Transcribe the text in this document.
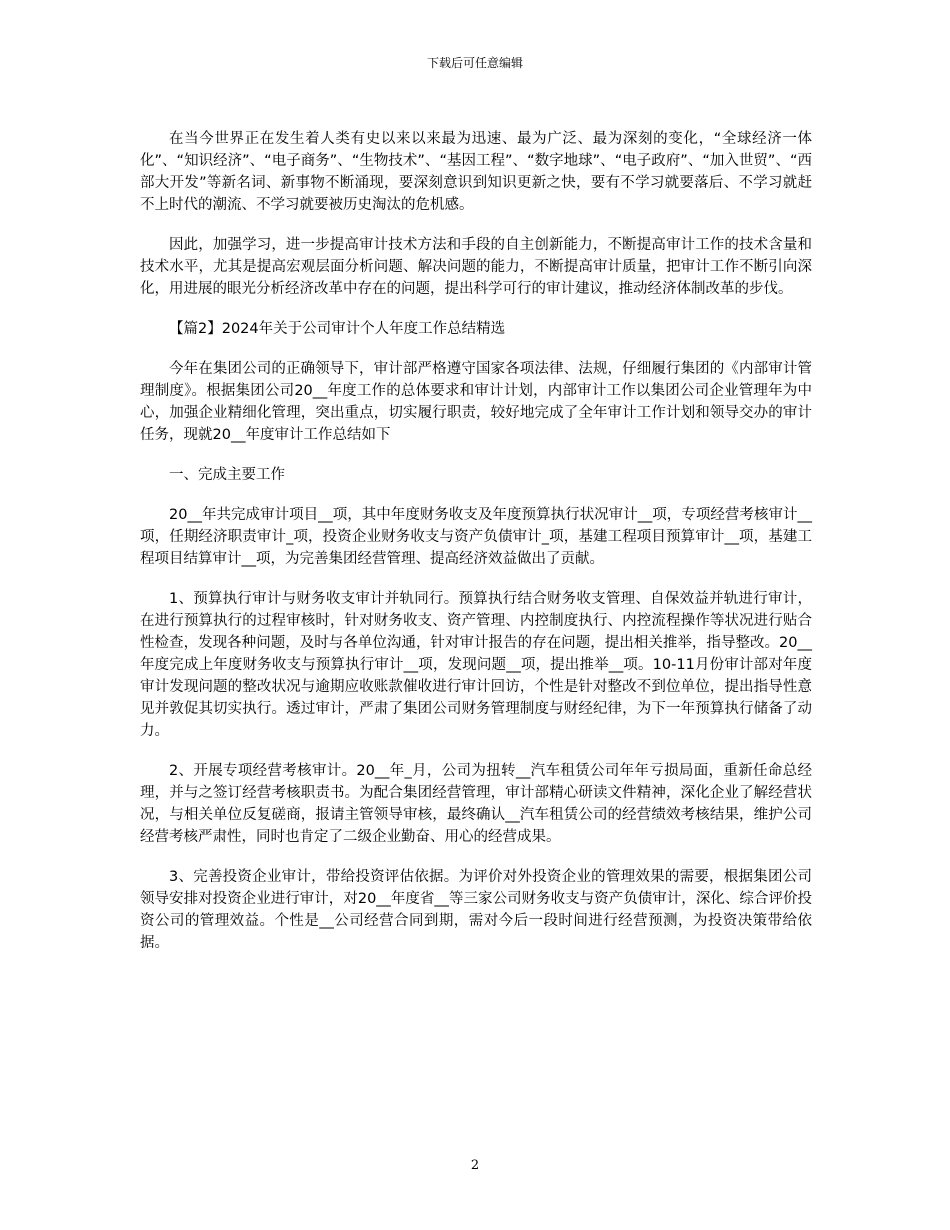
下载后可任意编辑

在当今世界正在发生着人类有史以来以来最为迅速、最为广泛、最为深刻的变化，“全球经济一体化”、“知识经济”、“电子商务”、“生物技术”、“基因工程”、“数字地球”、“电子政府”、“加入世贸”、“西部大开发”等新名词、新事物不断涌现，要深刻意识到知识更新之快，要有不学习就要落后、不学习就赶不上时代的潮流、不学习就要被历史淘汰的危机感。

因此，加强学习，进一步提高审计技术方法和手段的自主创新能力，不断提高审计工作的技术含量和技术水平，尤其是提高宏观层面分析问题、解决问题的能力，不断提高审计质量，把审计工作不断引向深化，用进展的眼光分析经济改革中存在的问题，提出科学可行的审计建议，推动经济体制改革的步伐。

【篇2】2024年关于公司审计个人年度工作总结精选

今年在集团公司的正确领导下，审计部严格遵守国家各项法律、法规，仔细履行集团的《内部审计管理制度》。根据集团公司20__年度工作的总体要求和审计计划，内部审计工作以集团公司企业管理年为中心，加强企业精细化管理，突出重点，切实履行职责，较好地完成了全年审计工作计划和领导交办的审计任务，现就20__年度审计工作总结如下

一、完成主要工作

20__年共完成审计项目__项，其中年度财务收支及年度预算执行状况审计__项，专项经营考核审计__项，任期经济职责审计_项，投资企业财务收支与资产负债审计_项，基建工程项目预算审计__项，基建工程项目结算审计__项，为完善集团经营管理、提高经济效益做出了贡献。

1、预算执行审计与财务收支审计并轨同行。预算执行结合财务收支管理、自保效益并轨进行审计，在进行预算执行的过程审核时，针对财务收支、资产管理、内控制度执行、内控流程操作等状况进行贴合性检查，发现各种问题，及时与各单位沟通，针对审计报告的存在问题，提出相关推举，指导整改。20__年度完成上年度财务收支与预算执行审计__项，发现问题__项，提出推举__项。10-11月份审计部对年度审计发现问题的整改状况与逾期应收账款催收进行审计回访，个性是针对整改不到位单位，提出指导性意见并敦促其切实执行。透过审计，严肃了集团公司财务管理制度与财经纪律，为下一年预算执行储备了动力。

2、开展专项经营考核审计。20__年_月，公司为扭转__汽车租赁公司年年亏损局面，重新任命总经理，并与之签订经营考核职责书。为配合集团经营管理，审计部精心研读文件精神，深化企业了解经营状况，与相关单位反复磋商，报请主管领导审核，最终确认__汽车租赁公司的经营绩效考核结果，维护公司经营考核严肃性，同时也肯定了二级企业勤奋、用心的经营成果。

3、完善投资企业审计，带给投资评估依据。为评价对外投资企业的管理效果的需要，根据集团公司领导安排对投资企业进行审计，对20__年度省__等三家公司财务收支与资产负债审计，深化、综合评价投资公司的管理效益。个性是__公司经营合同到期，需对今后一段时间进行经营预测，为投资决策带给依据。

2
